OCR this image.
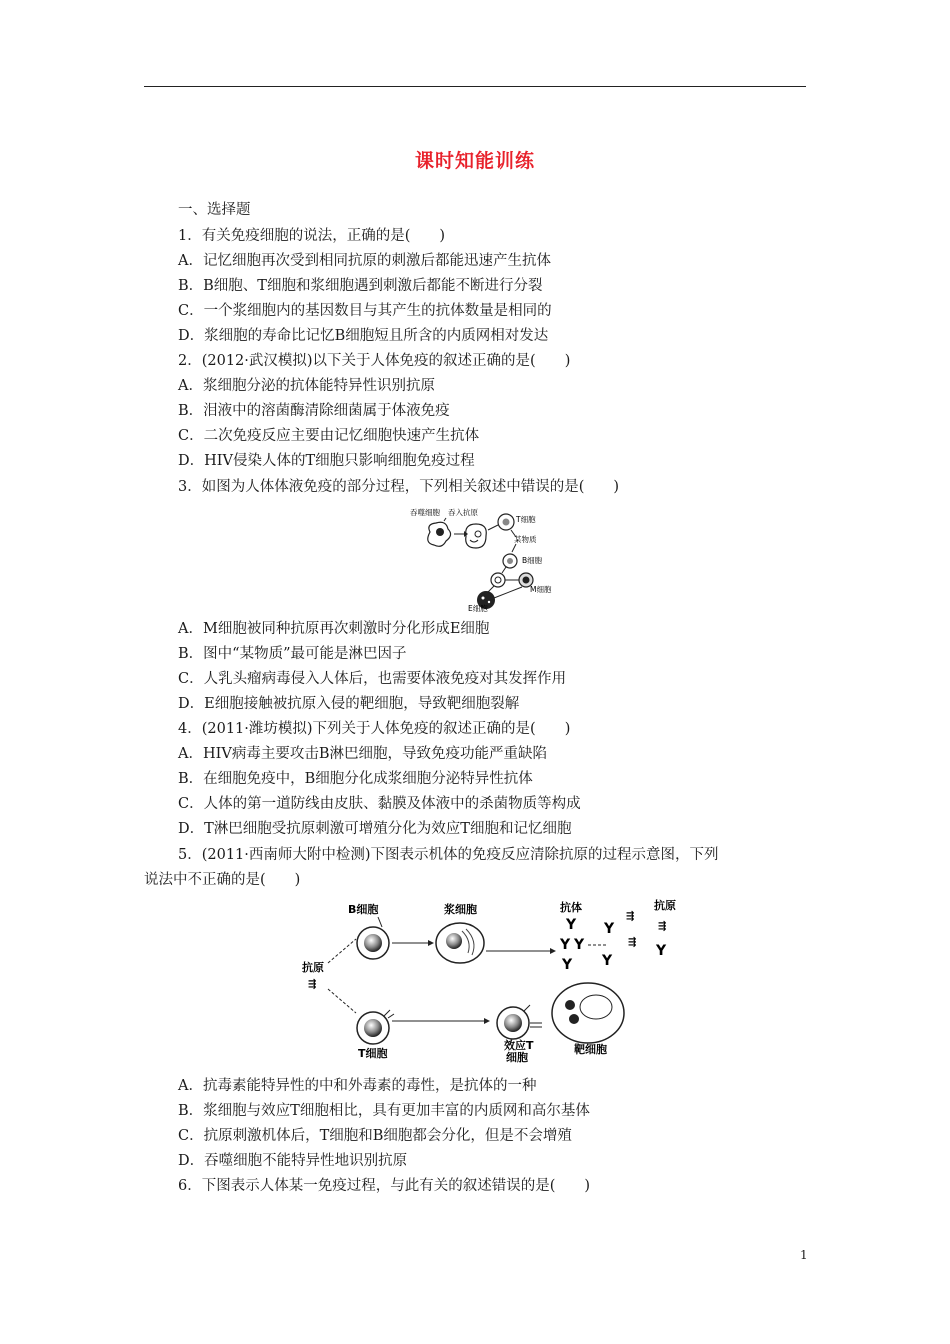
课时知能训练
一、选择题
1．有关免疫细胞的说法，正确的是(　　)
A．记忆细胞再次受到相同抗原的刺激后都能迅速产生抗体
B．B细胞、T细胞和浆细胞遇到刺激后都能不断进行分裂
C．一个浆细胞内的基因数目与其产生的抗体数量是相同的
D．浆细胞的寿命比记忆B细胞短且所含的内质网相对发达
2．(2012·武汉模拟)以下关于人体免疫的叙述正确的是(　　)
A．浆细胞分泌的抗体能特异性识别抗原
B．泪液中的溶菌酶清除细菌属于体液免疫
C．二次免疫反应主要由记忆细胞快速产生抗体
D．HIV侵染人体的T细胞只影响细胞免疫过程
3．如图为人体体液免疫的部分过程，下列相关叙述中错误的是(　　)
吞噬细胞 吞入抗原
T细胞
某物质
B细胞
M细胞
E细胞
A．M细胞被同种抗原再次刺激时分化形成E细胞
B．图中“某物质”最可能是淋巴因子
C．人乳头瘤病毒侵入人体后，也需要体液免疫对其发挥作用
D．E细胞接触被抗原入侵的靶细胞，导致靶细胞裂解
4．(2011·潍坊模拟)下列关于人体免疫的叙述正确的是(　　)
A．HIV病毒主要攻击B淋巴细胞，导致免疫功能严重缺陷
B．在细胞免疫中，B细胞分化成浆细胞分泌特异性抗体
C．人体的第一道防线由皮肤、黏膜及体液中的杀菌物质等构成
D．T淋巴细胞受抗原刺激可增殖分化为效应T细胞和记忆细胞
5．(2011·西南师大附中检测)下图表示机体的免疫反应清除抗原的过程示意图，下列
说法中不正确的是(　　)
抗原
⇶
B细胞	浆细胞	抗体
Y
Y Y
Y
Y
Y
⇶
⇶
抗原
⇶
Y
T细胞
效应T
细胞
靶细胞
A．抗毒素能特异性的中和外毒素的毒性，是抗体的一种
B．浆细胞与效应T细胞相比，具有更加丰富的内质网和高尔基体
C．抗原刺激机体后，T细胞和B细胞都会分化，但是不会增殖
D．吞噬细胞不能特异性地识别抗原
6．下图表示人体某一免疫过程，与此有关的叙述错误的是(　　)
1
